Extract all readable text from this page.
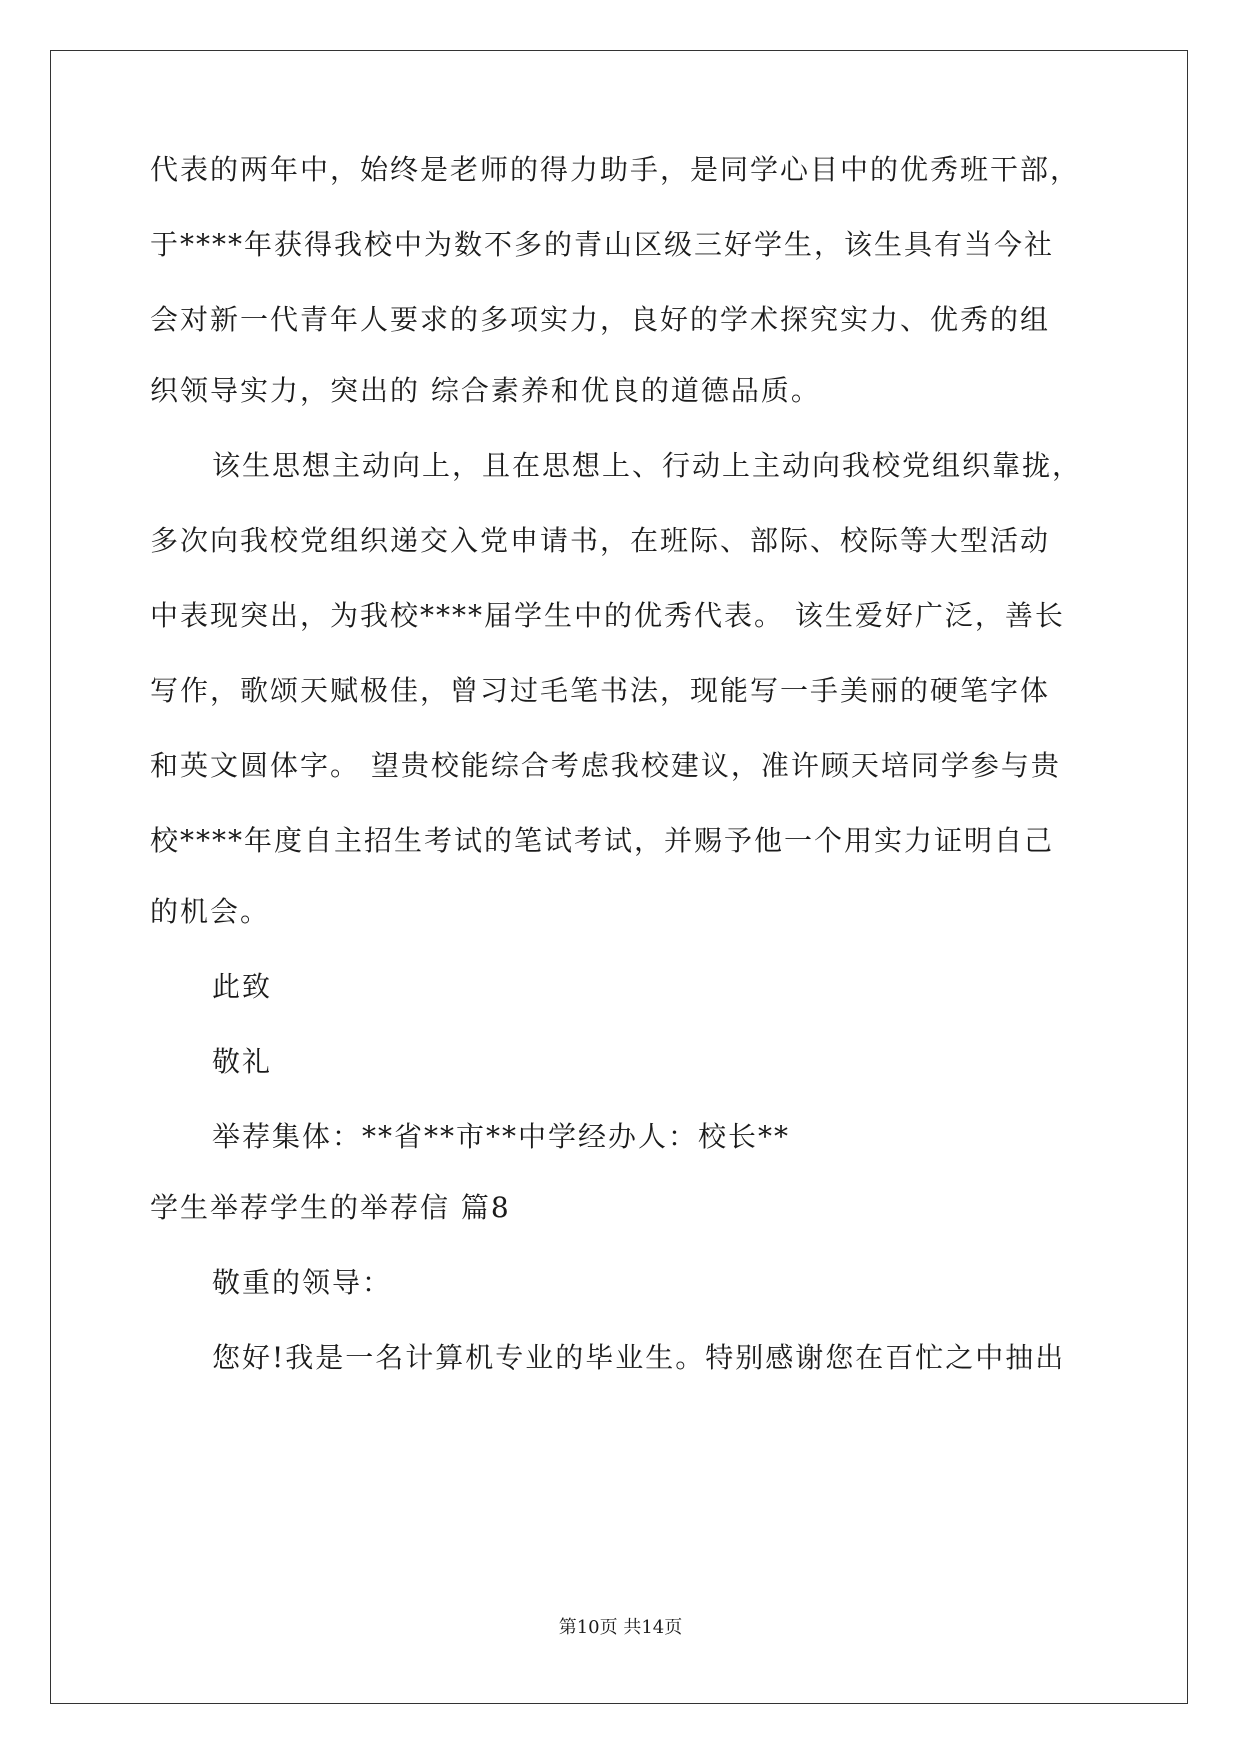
代表的两年中，始终是老师的得力助手，是同学心目中的优秀班干部，
于****年获得我校中为数不多的青山区级三好学生，该生具有当今社
会对新一代青年人要求的多项实力，良好的学术探究实力、优秀的组
织领导实力，突出的 综合素养和优良的道德品质。
该生思想主动向上，且在思想上、行动上主动向我校党组织靠拢，
多次向我校党组织递交入党申请书，在班际、部际、校际等大型活动
中表现突出，为我校****届学生中的优秀代表。 该生爱好广泛，善长
写作，歌颂天赋极佳，曾习过毛笔书法，现能写一手美丽的硬笔字体
和英文圆体字。 望贵校能综合考虑我校建议，准许顾天培同学参与贵
校****年度自主招生考试的笔试考试，并赐予他一个用实力证明自己
的机会。
此致
敬礼
举荐集体：**省**市**中学经办人：校长**
学生举荐学生的举荐信 篇8
敬重的领导：
您好!我是一名计算机专业的毕业生。特别感谢您在百忙之中抽出
第10页 共14页
